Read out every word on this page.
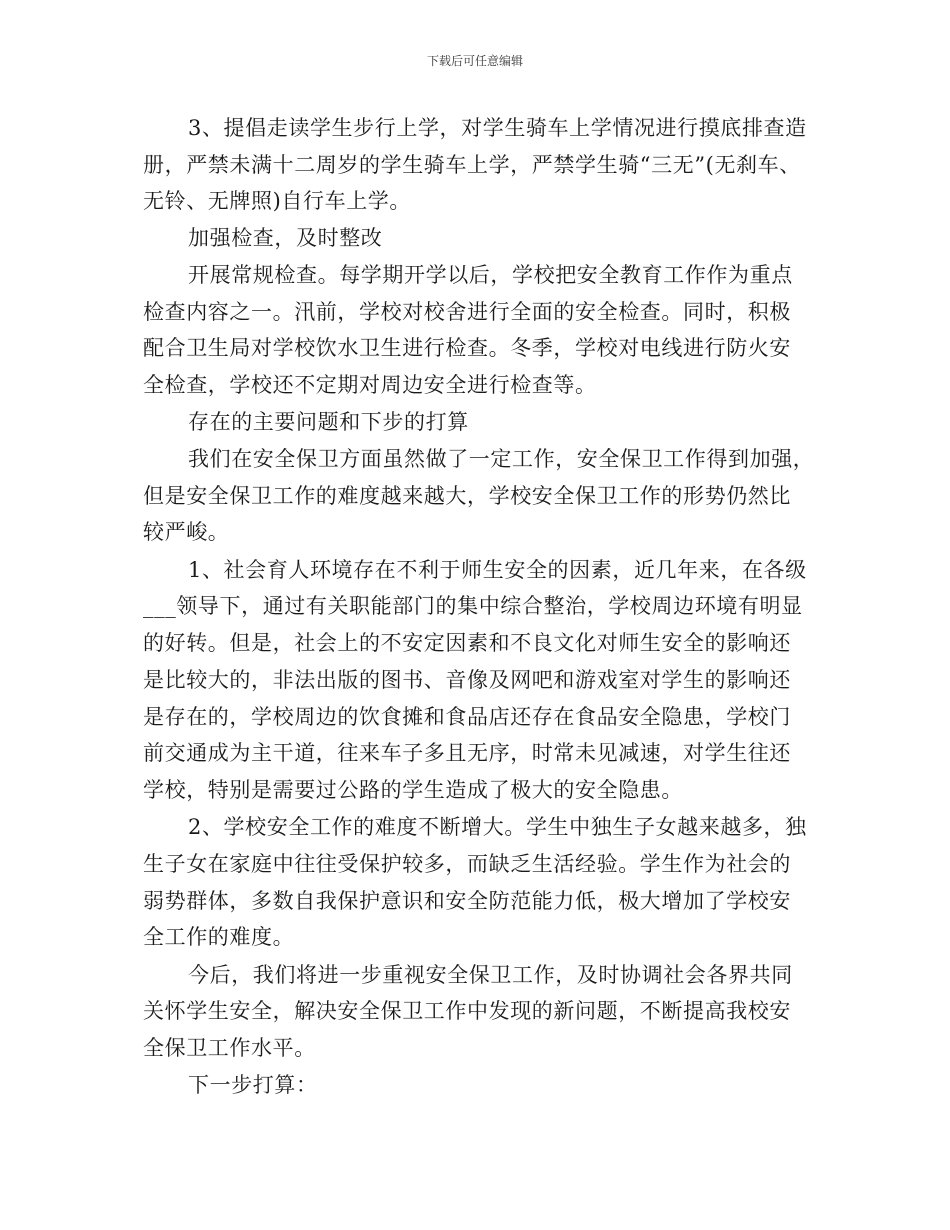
下载后可任意编辑
3、提倡走读学生步行上学，对学生骑车上学情况进行摸底排查造
册，严禁未满十二周岁的学生骑车上学，严禁学生骑“三无”(无刹车、
无铃、无牌照)自行车上学。
加强检查，及时整改
开展常规检查。每学期开学以后，学校把安全教育工作作为重点
检查内容之一。汛前，学校对校舍进行全面的安全检查。同时，积极
配合卫生局对学校饮水卫生进行检查。冬季，学校对电线进行防火安
全检查，学校还不定期对周边安全进行检查等。
存在的主要问题和下步的打算
我们在安全保卫方面虽然做了一定工作，安全保卫工作得到加强，
但是安全保卫工作的难度越来越大，学校安全保卫工作的形势仍然比
较严峻。
1、社会育人环境存在不利于师生安全的因素，近几年来，在各级
___领导下，通过有关职能部门的集中综合整治，学校周边环境有明显
的好转。但是，社会上的不安定因素和不良文化对师生安全的影响还
是比较大的，非法出版的图书、音像及网吧和游戏室对学生的影响还
是存在的，学校周边的饮食摊和食品店还存在食品安全隐患，学校门
前交通成为主干道，往来车子多且无序，时常未见减速，对学生往还
学校，特别是需要过公路的学生造成了极大的安全隐患。
2、学校安全工作的难度不断增大。学生中独生子女越来越多，独
生子女在家庭中往往受保护较多，而缺乏生活经验。学生作为社会的
弱势群体，多数自我保护意识和安全防范能力低，极大增加了学校安
全工作的难度。
今后，我们将进一步重视安全保卫工作，及时协调社会各界共同
关怀学生安全，解决安全保卫工作中发现的新问题，不断提高我校安
全保卫工作水平。
下一步打算：
